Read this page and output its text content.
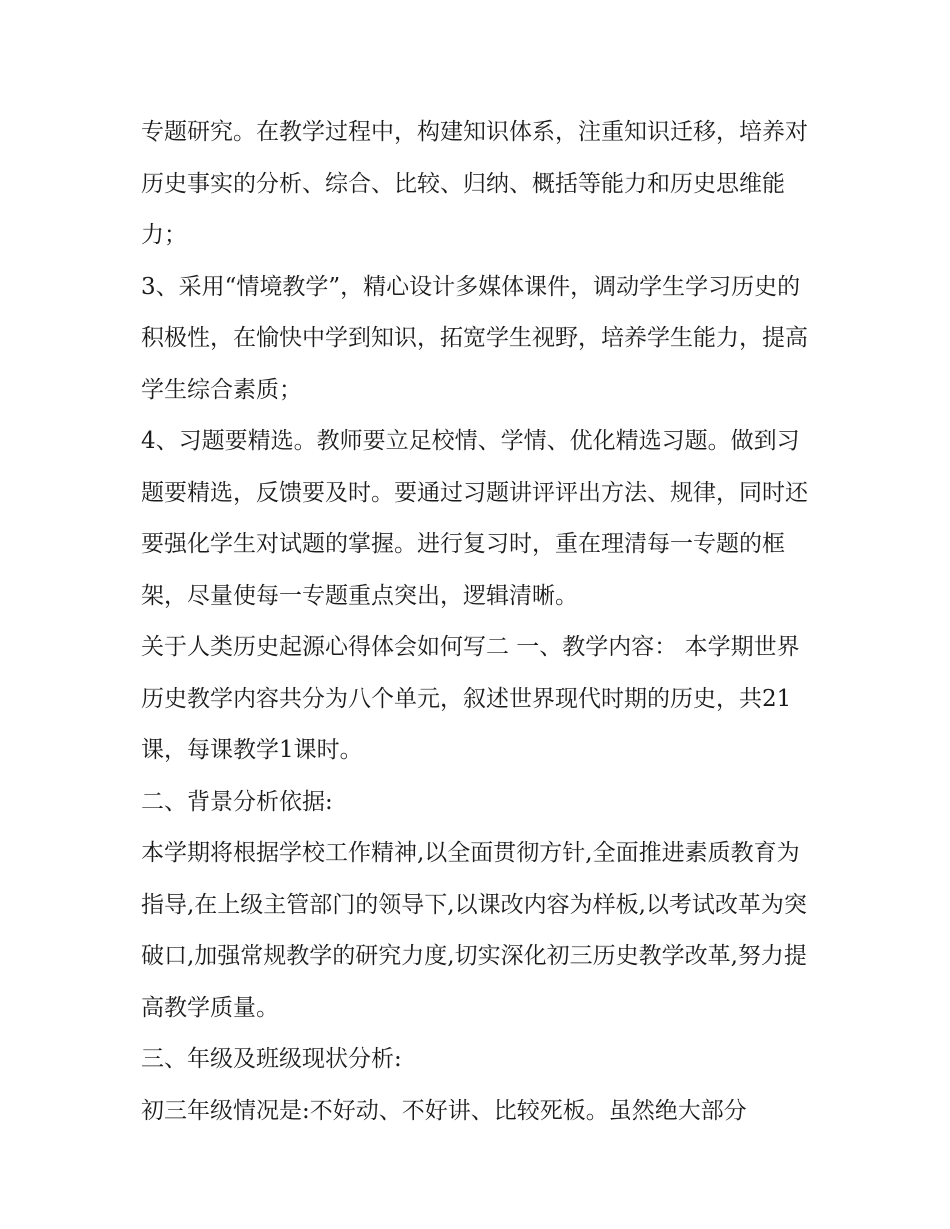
专题研究。在教学过程中，构建知识体系，注重知识迁移，培养对历史事实的分析、综合、比较、归纳、概括等能力和历史思维能力；

3、采用“情境教学”，精心设计多媒体课件，调动学生学习历史的积极性，在愉快中学到知识，拓宽学生视野，培养学生能力，提高学生综合素质；

4、习题要精选。教师要立足校情、学情、优化精选习题。做到习题要精选，反馈要及时。要通过习题讲评评出方法、规律，同时还要强化学生对试题的掌握。进行复习时，重在理清每一专题的框架，尽量使每一专题重点突出，逻辑清晰。

关于人类历史起源心得体会如何写二 一、教学内容： 本学期世界历史教学内容共分为八个单元，叙述世界现代时期的历史，共21课，每课教学1课时。

二、背景分析依据:

本学期将根据学校工作精神,以全面贯彻方针,全面推进素质教育为指导,在上级主管部门的领导下,以课改内容为样板,以考试改革为突破口,加强常规教学的研究力度,切实深化初三历史教学改革,努力提高教学质量。

三、年级及班级现状分析:

初三年级情况是:不好动、不好讲、比较死板。虽然绝大部分
